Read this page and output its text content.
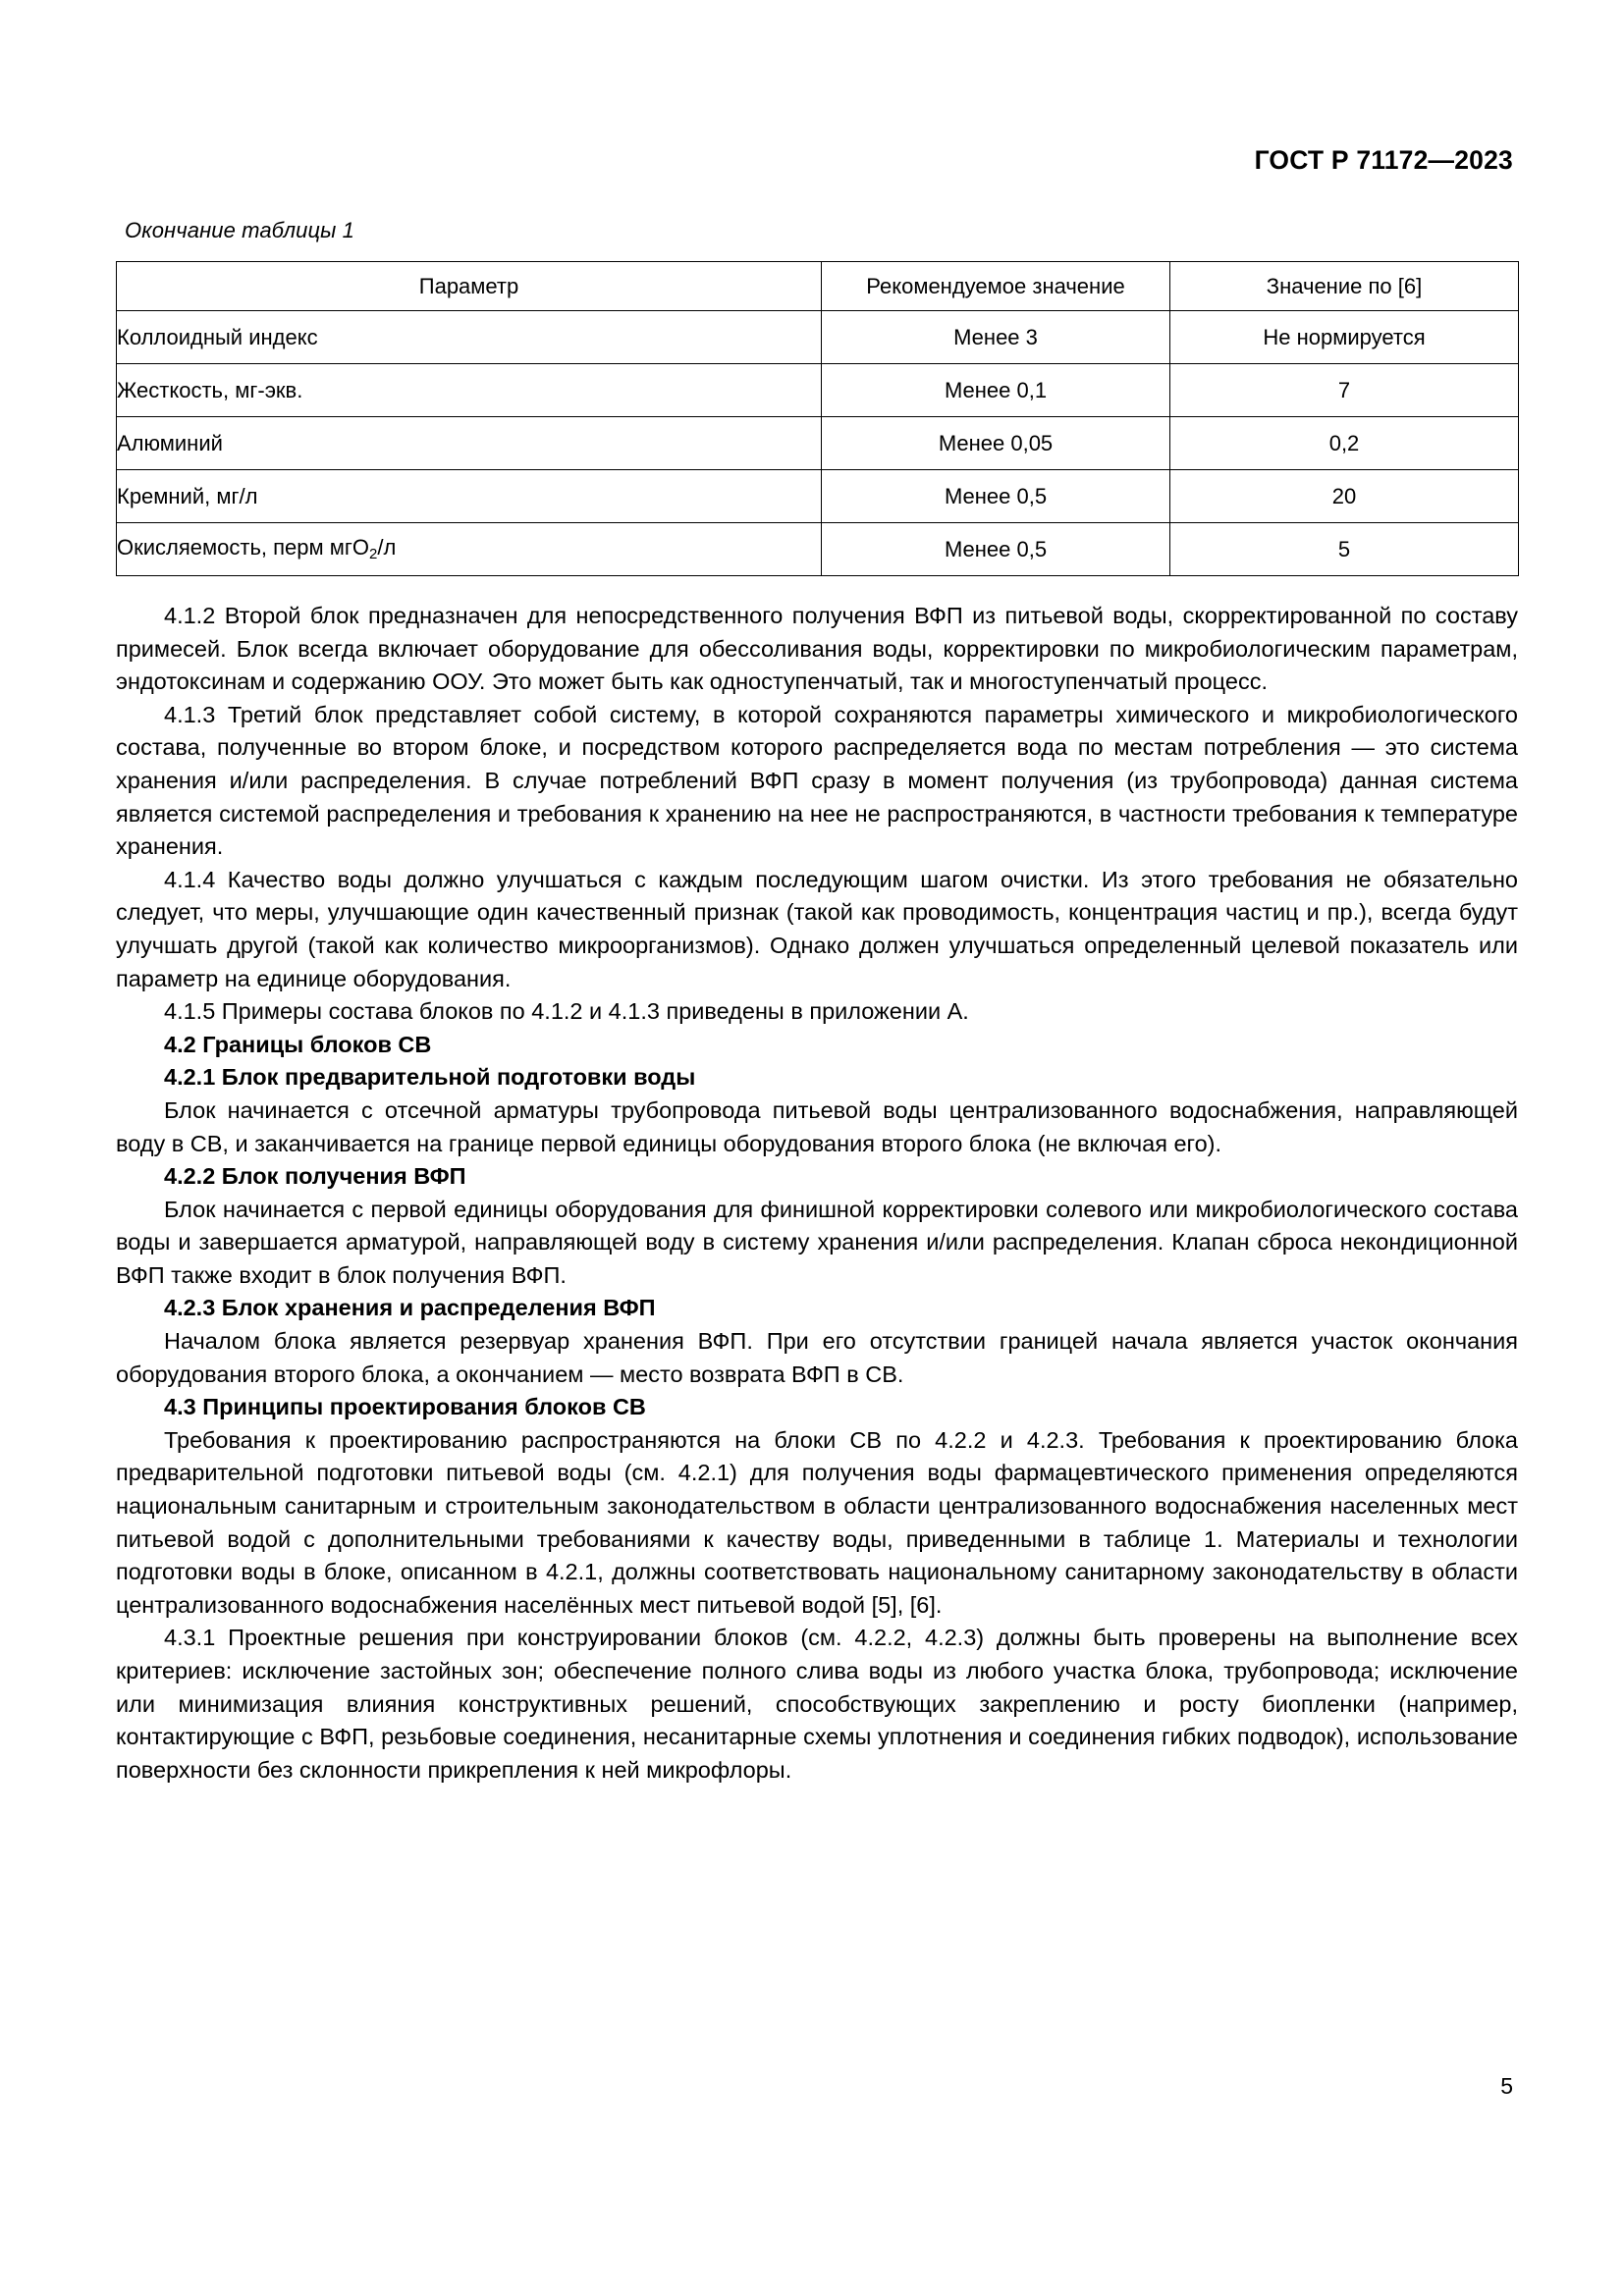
ГОСТ Р 71172—2023
Окончание таблицы 1
Параметр	Рекомендуемое значение	Значение по [6]
Коллоидный индекс	Менее 3	Не нормируется
Жесткость, мг-экв.	Менее 0,1	7
Алюминий	Менее 0,05	0,2
Кремний, мг/л	Менее 0,5	20
Окисляемость, перм мгO$_2$/л	Менее 0,5	5

4.1.2 Второй блок предназначен для непосредственного получения ВФП из питьевой воды, скорректированной по составу примесей. Блок всегда включает оборудование для обессоливания воды, корректировки по микробиологическим параметрам, эндотоксинам и содержанию ООУ. Это может быть как одноступенчатый, так и многоступенчатый процесс.

4.1.3 Третий блок представляет собой систему, в которой сохраняются параметры химического и микробиологического состава, полученные во втором блоке, и посредством которого распределяется вода по местам потребления — это система хранения и/или распределения. В случае потреблений ВФП сразу в момент получения (из трубопровода) данная система является системой распределения и требования к хранению на нее не распространяются, в частности требования к температуре хранения.

4.1.4 Качество воды должно улучшаться с каждым последующим шагом очистки. Из этого требования не обязательно следует, что меры, улучшающие один качественный признак (такой как проводимость, концентрация частиц и пр.), всегда будут улучшать другой (такой как количество микроорганизмов). Однако должен улучшаться определенный целевой показатель или параметр на единице оборудования.

4.1.5 Примеры состава блоков по 4.1.2 и 4.1.3 приведены в приложении А.

4.2 Границы блоков СВ
4.2.1 Блок предварительной подготовки воды

Блок начинается с отсечной арматуры трубопровода питьевой воды централизованного водоснабжения, направляющей воду в СВ, и заканчивается на границе первой единицы оборудования второго блока (не включая его).

4.2.2 Блок получения ВФП

Блок начинается с первой единицы оборудования для финишной корректировки солевого или микробиологического состава воды и завершается арматурой, направляющей воду в систему хранения и/или распределения. Клапан сброса некондиционной ВФП также входит в блок получения ВФП.

4.2.3 Блок хранения и распределения ВФП

Началом блока является резервуар хранения ВФП. При его отсутствии границей начала является участок окончания оборудования второго блока, а окончанием — место возврата ВФП в СВ.

4.3 Принципы проектирования блоков СВ

Требования к проектированию распространяются на блоки СВ по 4.2.2 и 4.2.3. Требования к проектированию блока предварительной подготовки питьевой воды (см. 4.2.1) для получения воды фармацевтического применения определяются национальным санитарным и строительным законодательством в области централизованного водоснабжения населенных мест питьевой водой с дополнительными требованиями к качеству воды, приведенными в таблице 1. Материалы и технологии подготовки воды в блоке, описанном в 4.2.1, должны соответствовать национальному санитарному законодательству в области централизованного водоснабжения населённых мест питьевой водой [5], [6].

4.3.1 Проектные решения при конструировании блоков (см. 4.2.2, 4.2.3) должны быть проверены на выполнение всех критериев: исключение застойных зон; обеспечение полного слива воды из любого участка блока, трубопровода; исключение или минимизация влияния конструктивных решений, способствующих закреплению и росту биопленки (например, контактирующие с ВФП, резьбовые соединения, несанитарные схемы уплотнения и соединения гибких подводок), использование поверхности без склонности прикрепления к ней микрофлоры.

5
